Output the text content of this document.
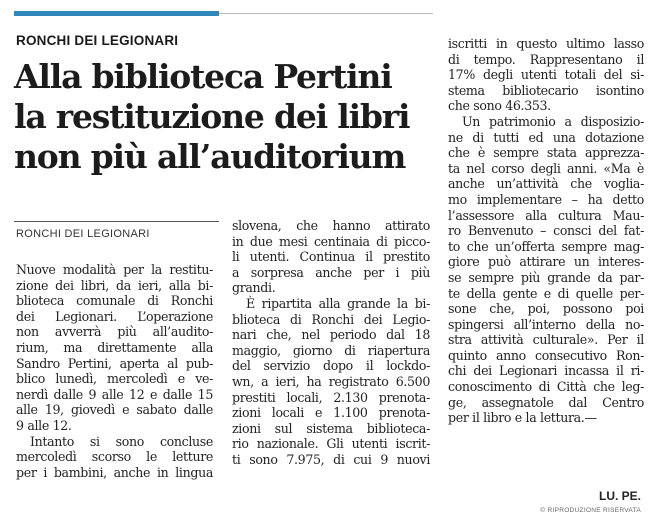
RONCHI DEI LEGIONARI
Alla biblioteca Pertini
la restituzione dei libri
non più all’auditorium
RONCHI DEI LEGIONARI
Nuove modalità per la restitu-
zione dei libri, da ieri, alla bi-
blioteca comunale di Ronchi
dei Legionari. L’operazione
non avverrà più all’audito-
rium, ma direttamente alla
Sandro Pertini, aperta al pub-
blico lunedì, mercoledì e ve-
nerdì dalle 9 alle 12 e dalle 15
alle 19, giovedì e sabato dalle
9 alle 12.
Intanto si sono concluse
mercoledì scorso le letture
per i bambini, anche in lingua
slovena, che hanno attirato
in due mesi centinaia di picco-
li utenti. Continua il prestito
a sorpresa anche per i più
grandi.
È ripartita alla grande la bi-
blioteca di Ronchi dei Legio-
nari che, nel periodo dal 18
maggio, giorno di riapertura
del servizio dopo il lockdo-
wn, a ieri, ha registrato 6.500
prestiti locali, 2.130 prenota-
zioni locali e 1.100 prenota-
zioni sul sistema biblioteca-
rio nazionale. Gli utenti iscrit-
ti sono 7.975, di cui 9 nuovi
iscritti in questo ultimo lasso
di tempo. Rappresentano il
17% degli utenti totali del si-
stema bibliotecario isontino
che sono 46.353.
Un patrimonio a disposizio-
ne di tutti ed una dotazione
che è sempre stata apprezza-
ta nel corso degli anni. «Ma è
anche un’attività che voglia-
mo implementare – ha detto
l’assessore alla cultura Mau-
ro Benvenuto – consci del fat-
to che un’offerta sempre mag-
giore può attirare un interes-
se sempre più grande da par-
te della gente e di quelle per-
sone che, poi, possono poi
spingersi all’interno della no-
stra attività culturale». Per il
quinto anno consecutivo Ron-
chi dei Legionari incassa il ri-
conoscimento di Città che leg-
ge, assegnatole dal Centro
per il libro e la lettura.—
LU. PE.
© RIPRODUZIONE RISERVATA
